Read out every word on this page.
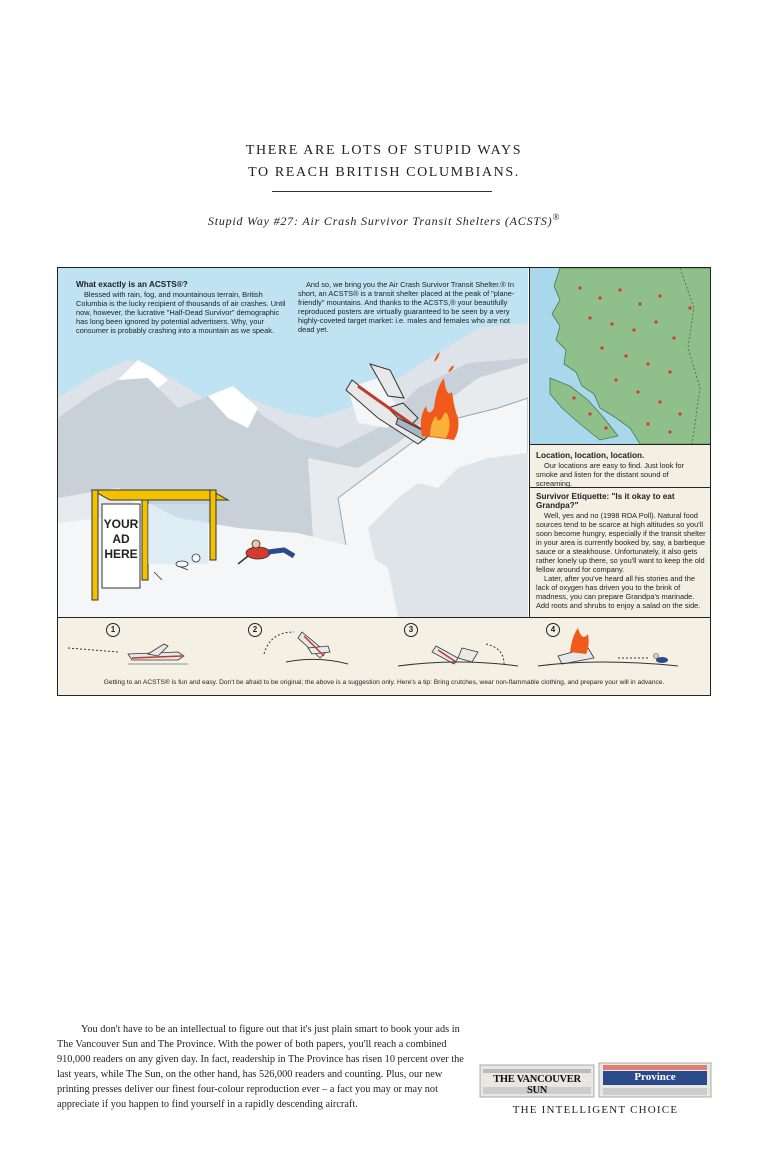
THERE ARE LOTS OF STUPID WAYS
TO REACH BRITISH COLUMBIANS.
Stupid Way #27: Air Crash Survivor Transit Shelters (ACSTS)®
YOUR
AD
HERE
What exactly is an ACSTS®?

Blessed with rain, fog, and mountainous terrain, British Columbia is the lucky recipient of thousands of air crashes. Until now, however, the lucrative "Half-Dead Survivor" demographic has long been ignored by potential advertisers. Why, your consumer is probably crashing into a mountain as we speak.

And so, we bring you the Air Crash Survivor Transit Shelter.® In short, an ACSTS® is a transit shelter placed at the peak of "plane-friendly" mountains. And thanks to the ACSTS,® your beautifully reproduced posters are virtually guaranteed to be seen by a very highly-coveted target market: i.e. males and females who are not dead yet.

Location, location, location.

Our locations are easy to find. Just look for smoke and listen for the distant sound of screaming.

Survivor Etiquette: "Is it okay to eat Grandpa?"

Well, yes and no (1998 RDA Poll). Natural food sources tend to be scarce at high altitudes so you'll soon become hungry, especially if the transit shelter in your area is currently booked by, say, a barbeque sauce or a steakhouse. Unfortunately, it also gets rather lonely up there, so you'll want to keep the old fellow around for company.

Later, after you've heard all his stories and the lack of oxygen has driven you to the brink of madness, you can prepare Grandpa's marinade. Add roots and shrubs to enjoy a salad on the side.

1	2	3	4
Getting to an ACSTS® is fun and easy. Don't be afraid to be original; the above is a suggestion only. Here's a tip: Bring crutches, wear non-flammable clothing, and prepare your will in advance.

You don't have to be an intellectual to figure out that it's just plain smart to book your ads in The Vancouver Sun and The Province. With the power of both papers, you'll reach a combined 910,000 readers on any given day. In fact, readership in The Province has risen 10 percent over the last years, while The Sun, on the other hand, has 526,000 readers and counting. Plus, our new printing presses deliver our finest four-colour reproduction ever – a fact you may or may not appreciate if you happen to find yourself in a rapidly descending aircraft.

THE VANCOUVER SUN
Province
THE INTELLIGENT CHOICE
